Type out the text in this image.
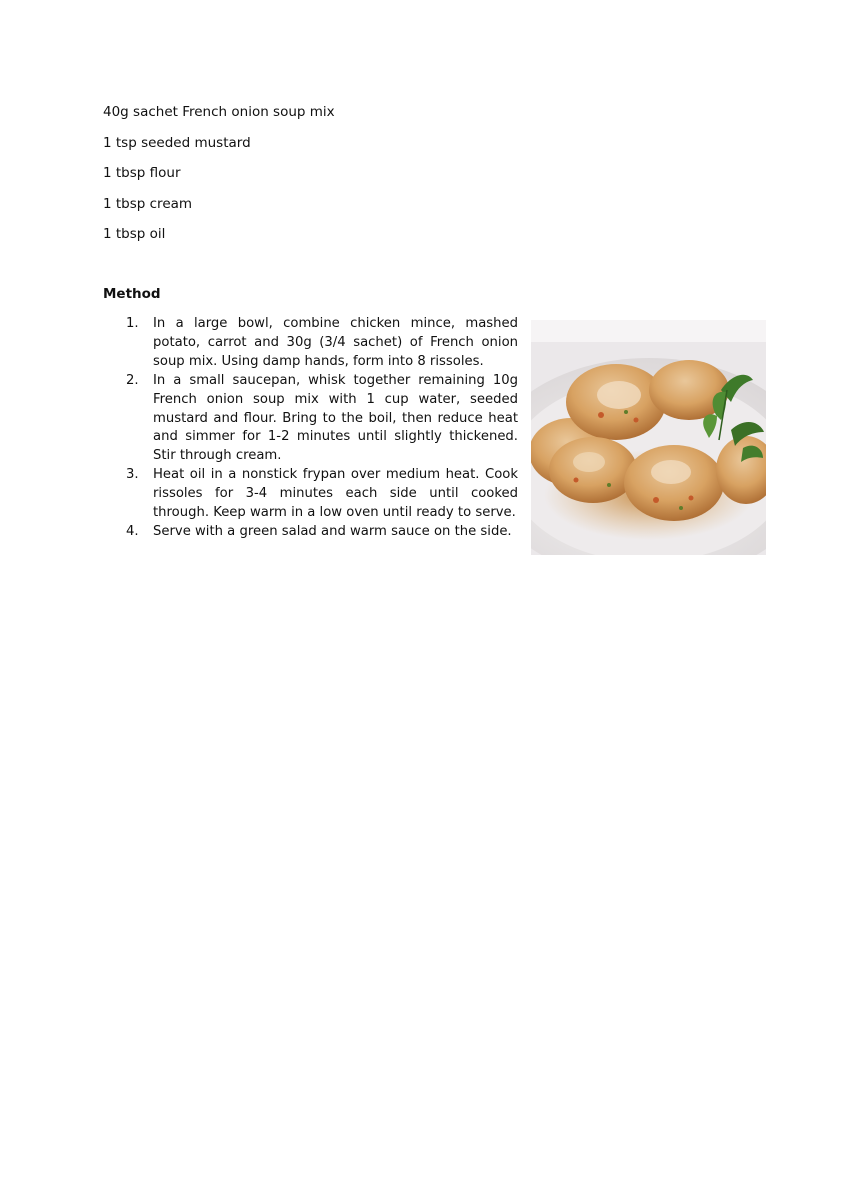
40g sachet French onion soup mix
1 tsp seeded mustard
1 tbsp flour
1 tbsp cream
1 tbsp oil
Method
1.	In a large bowl, combine chicken mince, mashed potato, carrot and 30g (3/4 sachet) of French onion soup mix. Using damp hands, form into 8 rissoles.
2.	In a small saucepan, whisk together remaining 10g French onion soup mix with 1 cup water, seeded mustard and flour. Bring to the boil, then reduce heat and simmer for 1-2 minutes until slightly thickened. Stir through cream.
3.	Heat oil in a nonstick frypan over medium heat. Cook rissoles for 3-4 minutes each side until cooked through. Keep warm in a low oven until ready to serve.
4.	Serve with a green salad and warm sauce on the side.
